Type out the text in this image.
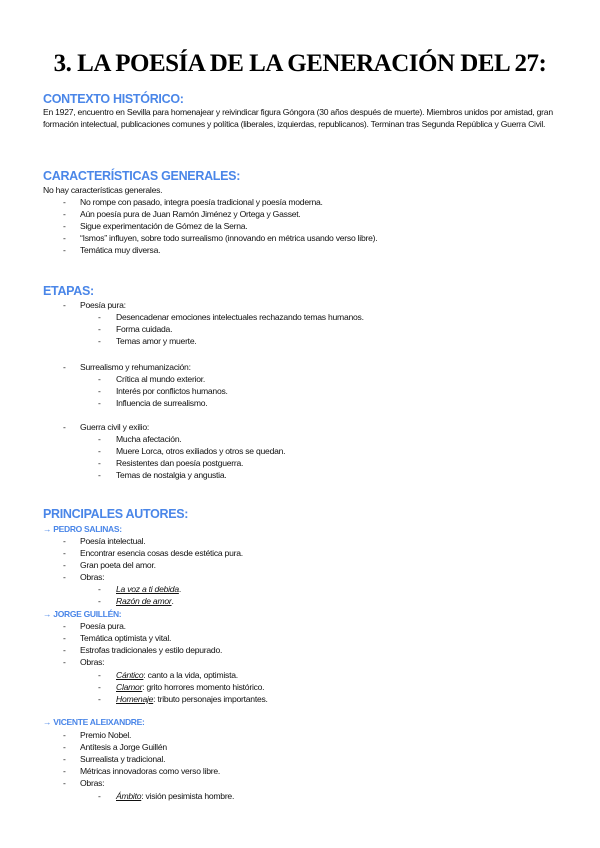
3. LA POESÍA DE LA GENERACIÓN DEL 27:
CONTEXTO HISTÓRICO:
En 1927, encuentro en Sevilla para homenajear y reivindicar figura Góngora (30 años después de muerte). Miembros unidos por amistad, gran formación intelectual, publicaciones comunes y política (liberales, izquierdas, republicanos). Terminan tras Segunda República y Guerra Civil.
CARACTERÍSTICAS GENERALES:
No hay características generales.
- No rompe con pasado, integra poesía tradicional y poesía moderna.
- Aún poesía pura de Juan Ramón Jiménez y Ortega y Gasset.
- Sigue experimentación de Gómez de la Serna.
- “Ismos” influyen, sobre todo surrealismo (innovando en métrica usando verso libre).
- Temática muy diversa.
ETAPAS:
- Poesía pura:
- Desencadenar emociones intelectuales rechazando temas humanos.
- Forma cuidada.
- Temas amor y muerte.
- Surrealismo y rehumanización:
- Crítica al mundo exterior.
- Interés por conflictos humanos.
- Influencia de surrealismo.
- Guerra civil y exilio:
- Mucha afectación.
- Muere Lorca, otros exiliados y otros se quedan.
- Resistentes dan poesía postguerra.
- Temas de nostalgia y angustia.
PRINCIPALES AUTORES:
→ PEDRO SALINAS:
- Poesía intelectual.
- Encontrar esencia cosas desde estética pura.
- Gran poeta del amor.
- Obras:
- La voz a ti debida.
- Razón de amor.
→ JORGE GUILLÉN:
- Poesía pura.
- Temática optimista y vital.
- Estrofas tradicionales y estilo depurado.
- Obras:
- Cántico: canto a la vida, optimista.
- Clamor: grito horrores momento histórico.
- Homenaje: tributo personajes importantes.
→ VICENTE ALEIXANDRE:
- Premio Nobel.
- Antítesis a Jorge Guillén
- Surrealista y tradicional.
- Métricas innovadoras como verso libre.
- Obras:
- Ámbito: visión pesimista hombre.
